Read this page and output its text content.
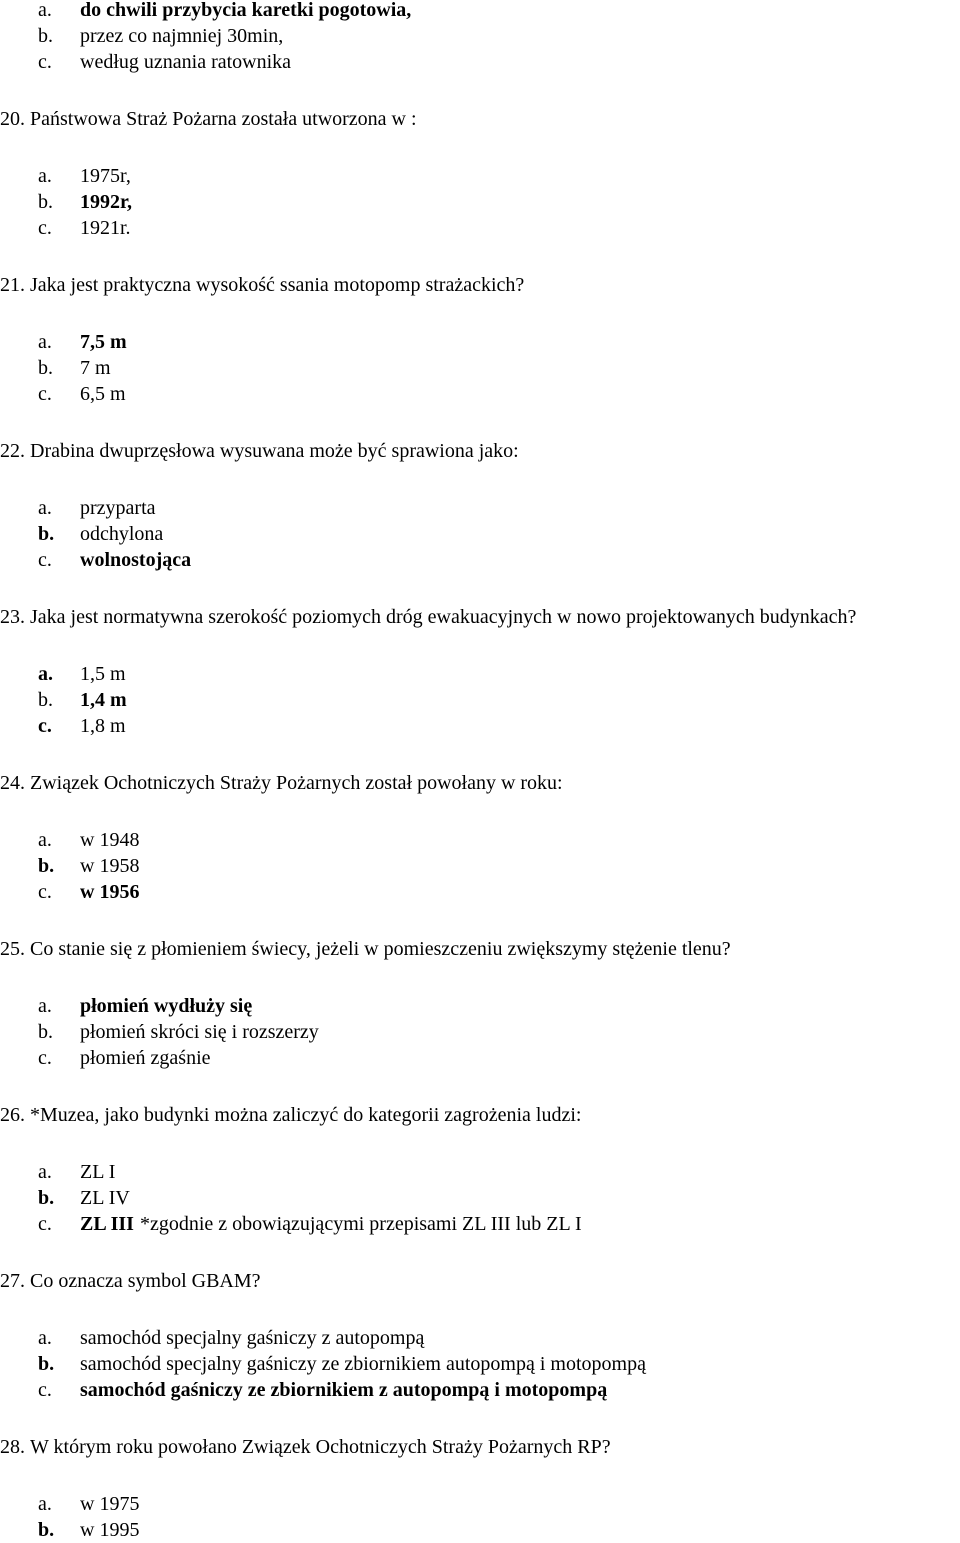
a. do chwili przybycia karetki pogotowia,
b. przez co najmniej 30min,
c. według uznania ratownika
20. Państwowa Straż Pożarna została utworzona w :
a. 1975r,
b. 1992r,
c. 1921r.
21. Jaka jest praktyczna wysokość ssania motopomp strażackich?
a. 7,5 m
b. 7 m
c. 6,5 m
22. Drabina dwuprzęsłowa wysuwana może być sprawiona jako:
a. przyparta
b. odchylona
c. wolnostojąca
23. Jaka jest normatywna szerokość poziomych dróg ewakuacyjnych w nowo projektowanych budynkach?
a. 1,5 m
b. 1,4 m
c. 1,8 m
24. Związek Ochotniczych Straży Pożarnych został powołany w roku:
a. w 1948
b. w 1958
c. w 1956
25. Co stanie się z płomieniem świecy, jeżeli w pomieszczeniu zwiększymy stężenie tlenu?
a. płomień wydłuży się
b. płomień skróci się i rozszerzy
c. płomień zgaśnie
26. *Muzea, jako budynki można zaliczyć do kategorii zagrożenia ludzi:
a. ZL I
b. ZL IV
c. ZL III *zgodnie z obowiązującymi przepisami ZL III lub ZL I
27. Co oznacza symbol GBAM?
a. samochód specjalny gaśniczy z autopompą
b. samochód specjalny gaśniczy ze zbiornikiem autopompą i motopompą
c. samochód gaśniczy ze zbiornikiem z autopompą i motopompą
28. W którym roku powołano Związek Ochotniczych Straży Pożarnych RP?
a. w 1975
b. w 1995
